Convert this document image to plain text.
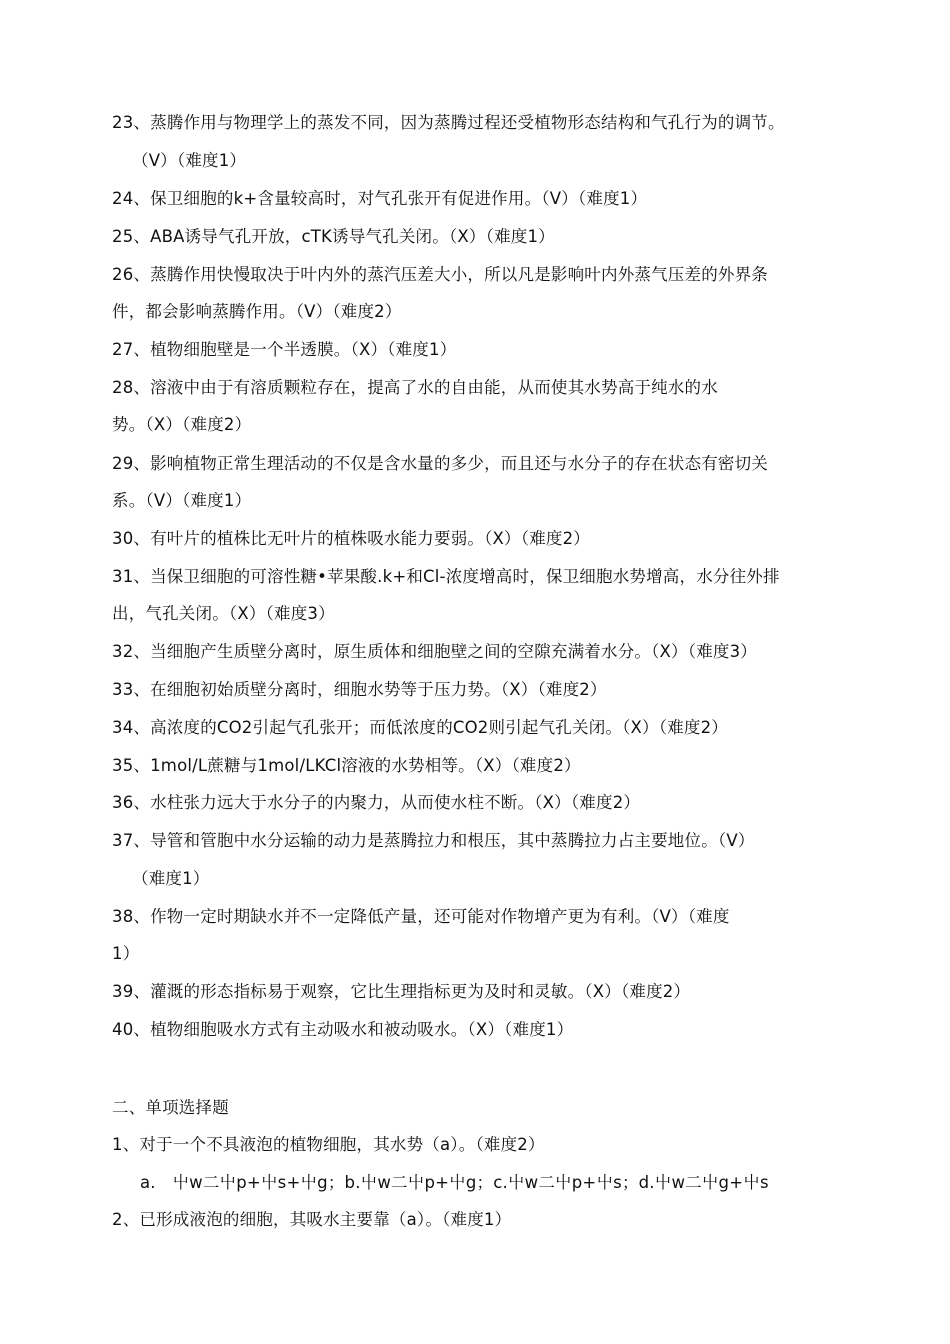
23、蒸腾作用与物理学上的蒸发不同，因为蒸腾过程还受植物形态结构和气孔行为的调节。
（V）（难度1）
24、保卫细胞的k+含量较高时，对气孔张开有促进作用。（V）（难度1）
25、ABA诱导气孔开放，cTK诱导气孔关闭。（X）（难度1）
26、蒸腾作用快慢取决于叶内外的蒸汽压差大小，所以凡是影响叶内外蒸气压差的外界条
件，都会影响蒸腾作用。（V）（难度2）
27、植物细胞壁是一个半透膜。（X）（难度1）
28、溶液中由于有溶质颗粒存在，提高了水的自由能，从而使其水势高于纯水的水
势。（X）（难度2）
29、影响植物正常生理活动的不仅是含水量的多少，而且还与水分子的存在状态有密切关
系。（V）（难度1）
30、有叶片的植株比无叶片的植株吸水能力要弱。（X）（难度2）
31、当保卫细胞的可溶性糖•苹果酸.k+和Cl-浓度增高时，保卫细胞水势增高，水分往外排
出，气孔关闭。（X）（难度3）
32、当细胞产生质壁分离时，原生质体和细胞壁之间的空隙充满着水分。（X）（难度3）
33、在细胞初始质壁分离时，细胞水势等于压力势。（X）（难度2）
34、高浓度的CO2引起气孔张开；而低浓度的CO2则引起气孔关闭。（X）（难度2）
35、1mol/L蔗糖与1mol/LKCl溶液的水势相等。（X）（难度2）
36、水柱张力远大于水分子的内聚力，从而使水柱不断。（X）（难度2）
37、导管和管胞中水分运输的动力是蒸腾拉力和根压，其中蒸腾拉力占主要地位。（V）
（难度1）
38、作物一定时期缺水并不一定降低产量，还可能对作物增产更为有利。（V）（难度
1）
39、灌溉的形态指标易于观察，它比生理指标更为及时和灵敏。（X）（难度2）
40、植物细胞吸水方式有主动吸水和被动吸水。（X）（难度1）
二、单项选择题
1、对于一个不具液泡的植物细胞，其水势（a）。（难度2）
a.　屮w二屮p+屮s+屮g；b.屮w二屮p+屮g；c.屮w二屮p+屮s；d.屮w二屮g+屮s
2、已形成液泡的细胞，其吸水主要靠（a）。（难度1）
